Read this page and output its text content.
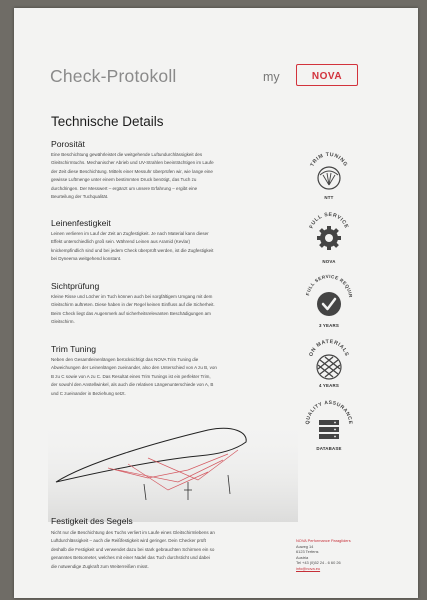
Check-Protokoll	my	NOVA
Technische Details
Porosität
Eine Beschichtung gewährleistet die weitgehende Luftundurchlässigkeit des
Gleitschirmtuchs. Mechanischer Abrieb und UV-Strahlen beeinträchtigen im Laufe
der Zeit diese Beschichtung. Mittels einer Messuhr überprüfen wir, wie lange eine
gewisse Luftmenge unter einem bestimmten Druck benötigt, das Tuch zu
durchdringen. Der Messwert – ergänzt um unsere Erfahrung – ergibt eine
Beurteilung der Tuchqualität.
Leinenfestigkeit
Leinen verlieren im Lauf der Zeit an Zugfestigkeit. Je nach Material kann dieser
Effekt unterschiedlich groß sein. Während Leinen aus Aramid (Kevlar)
knickempfindlich sind und bei jedem Check überprüft werden, ist die Zugfestigkeit
bei Dyneema weitgehend konstant.
Sichtprüfung
Kleine Risse und Löcher im Tuch können auch bei sorgfältigem Umgang mit dem
Gleitschirm auftreten. Diese haben in der Regel keinen Einfluss auf die Sicherheit.
Beim Check liegt das Augenmerk auf sicherheitsrelevanten Beschädigungen am
Gleitschirm.
Trim Tuning
Neben den Gesamtleinenlängen berücksichtigt das NOVA Trim Tuning die
Abweichungen der Leinenlängen zueinander, also den Unterschied von A zu B, von
B zu C sowie von A zu C. Das Resultat eines Trim Tunings ist ein perfekter Trim,
der sowohl den Anstellwinkel, als auch die relativen Längenunterschiede von A, B
und C zueinander in Beziehung setzt.
Festigkeit des Segels
Nicht nur die Beschichtung des Tuchs verliert im Laufe eines Gleitschirmlebens an
Luftdurchlässigkeit – auch die Reißfestigkeit wird geringer. Dein Checker prüft
deshalb die Festigkeit und verwendet dazu bei stark gebrauchten Schirmen ein so
genanntes Betsometer, welches mit einer Nadel das Tuch durchsticht und dabei
die notwendige Zugkraft zum Weiterreißen misst.
TRIM TUNING
NTT
FULL SERVICE
NOVA
FULL SERVICE REQUIR
3 YEARS
ON MATERIALS
4 YEARS
QUALITY ASSURANCE
DATABASE
NOVA Performance Paragliders
Auweg 14
6123 Terfens
Austria
Tel +43 (0)52 24 - 6 60 26
info@nova.eu
